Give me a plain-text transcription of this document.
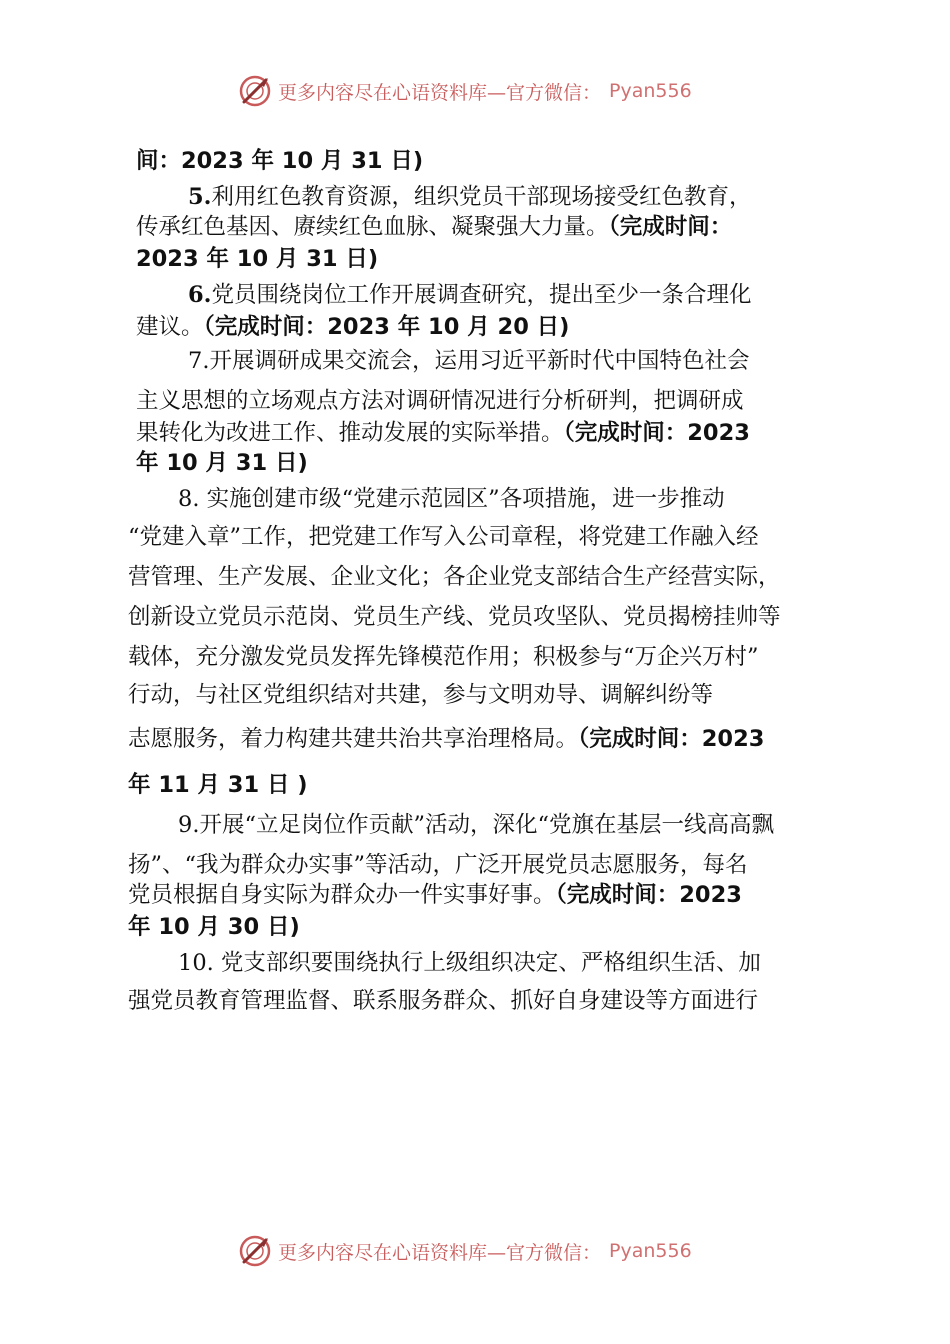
更多内容尽在心语资料库—官方微信： Pyan556
间：2023 年 10 月 31 日)
5.利用红色教育资源，组织党员干部现场接受红色教育，
传承红色基因、赓续红色血脉、凝聚强大力量。（完成时间：
2023 年 10 月 31 日)
6.党员围绕岗位工作开展调查研究，提出至少一条合理化
建议。（完成时间：2023 年 10 月 20 日)
7.开展调研成果交流会，运用习近平新时代中国特色社会
主义思想的立场观点方法对调研情况进行分析研判，把调研成
果转化为改进工作、推动发展的实际举措。（完成时间：2023
年 10 月 31 日)
8. 实施创建市级“党建示范园区”各项措施，进一步推动
“党建入章”工作，把党建工作写入公司章程，将党建工作融入经
营管理、生产发展、企业文化；各企业党支部结合生产经营实际，
创新设立党员示范岗、党员生产线、党员攻坚队、党员揭榜挂帅等
载体，充分激发党员发挥先锋模范作用；积极参与“万企兴万村”
行动，与社区党组织结对共建，参与文明劝导、调解纠纷等
志愿服务，着力构建共建共治共享治理格局。（完成时间：2023
年 11 月 31 日 )
9.开展“立足岗位作贡献”活动，深化“党旗在基层一线高高飘
扬”、“我为群众办实事”等活动，广泛开展党员志愿服务，每名
党员根据自身实际为群众办一件实事好事。（完成时间：2023
年 10 月 30 日)
10. 党支部织要围绕执行上级组织决定、严格组织生活、加
强党员教育管理监督、联系服务群众、抓好自身建设等方面进行
更多内容尽在心语资料库—官方微信： Pyan556
